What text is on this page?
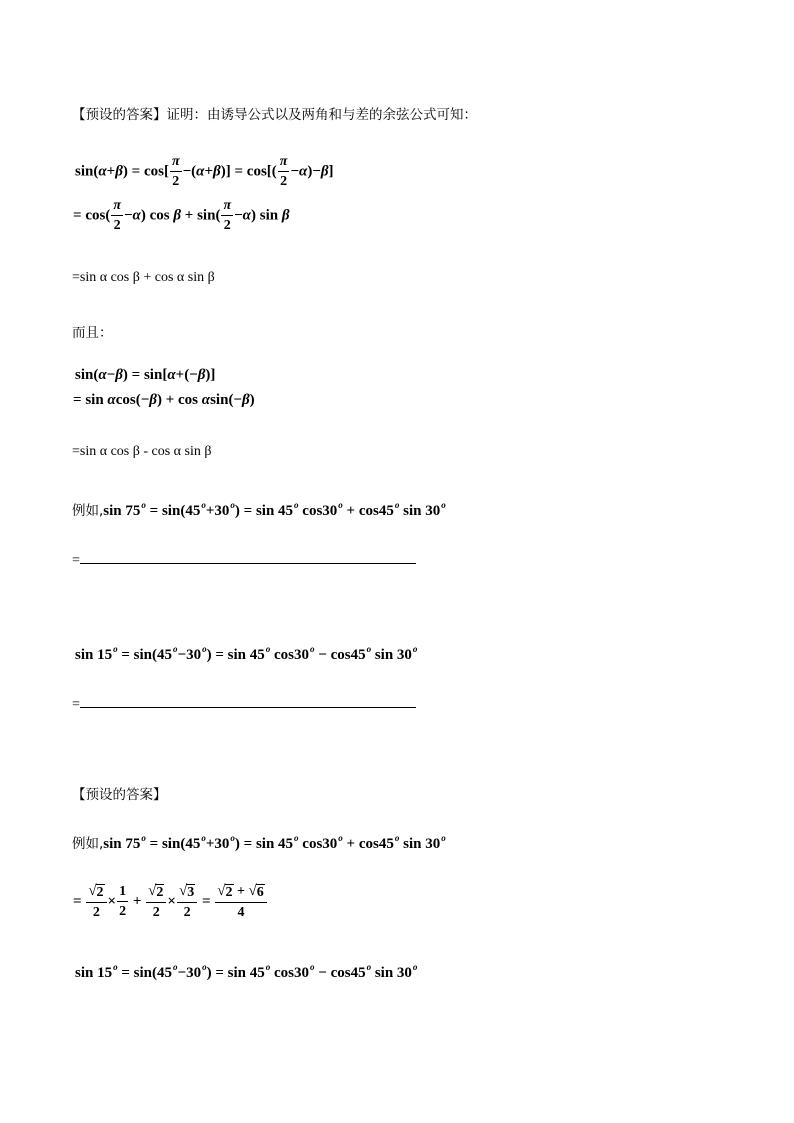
【预设的答案】证明：由诱导公式以及两角和与差的余弦公式可知：
$\sin(\alpha+\beta) = \cos[ \frac{\pi}{2} -(\alpha+\beta)] = \cos[( \frac{\pi}{2} -\alpha)-\beta]$
= $\cos( \frac{\pi}{2} -\alpha)$ $\cos \beta + \sin( \frac{\pi}{2} -\alpha)$ sin β
=sin α cos β + cos α sin β
而且：
sin(α−β) = sin[α+(−β)]
= sin αcos(−β) + cos αsin(−β)
=sin α cos β - cos α sin β
例如,sin $75^o = \sin(45^o+30^o) = \sin 45^o$ $\cos 30^o + \cos 45^o$ $\sin 30^o$
=
$\sin 15^o = \sin(45^o-30^o) = \sin 45^o$ $\cos 30^o - \cos 45^o$ $\sin 30^o$
=
【预设的答案】
例如,sin $75^o = \sin(45^o+30^o) = \sin 45^o$ $\cos 30^o + \cos 45^o$ $\sin 30^o$
= $\frac{√ 2}{2} \times \frac{1}{2} + \frac{√ 2}{2} \times \frac{√ 3}{2} = \frac{√ 2 + √ 6}{4}$
$\sin 15^o = \sin(45^o-30^o) = \sin 45^o$ $\cos 30^o - \cos 45^o$ sin 30$^o$
